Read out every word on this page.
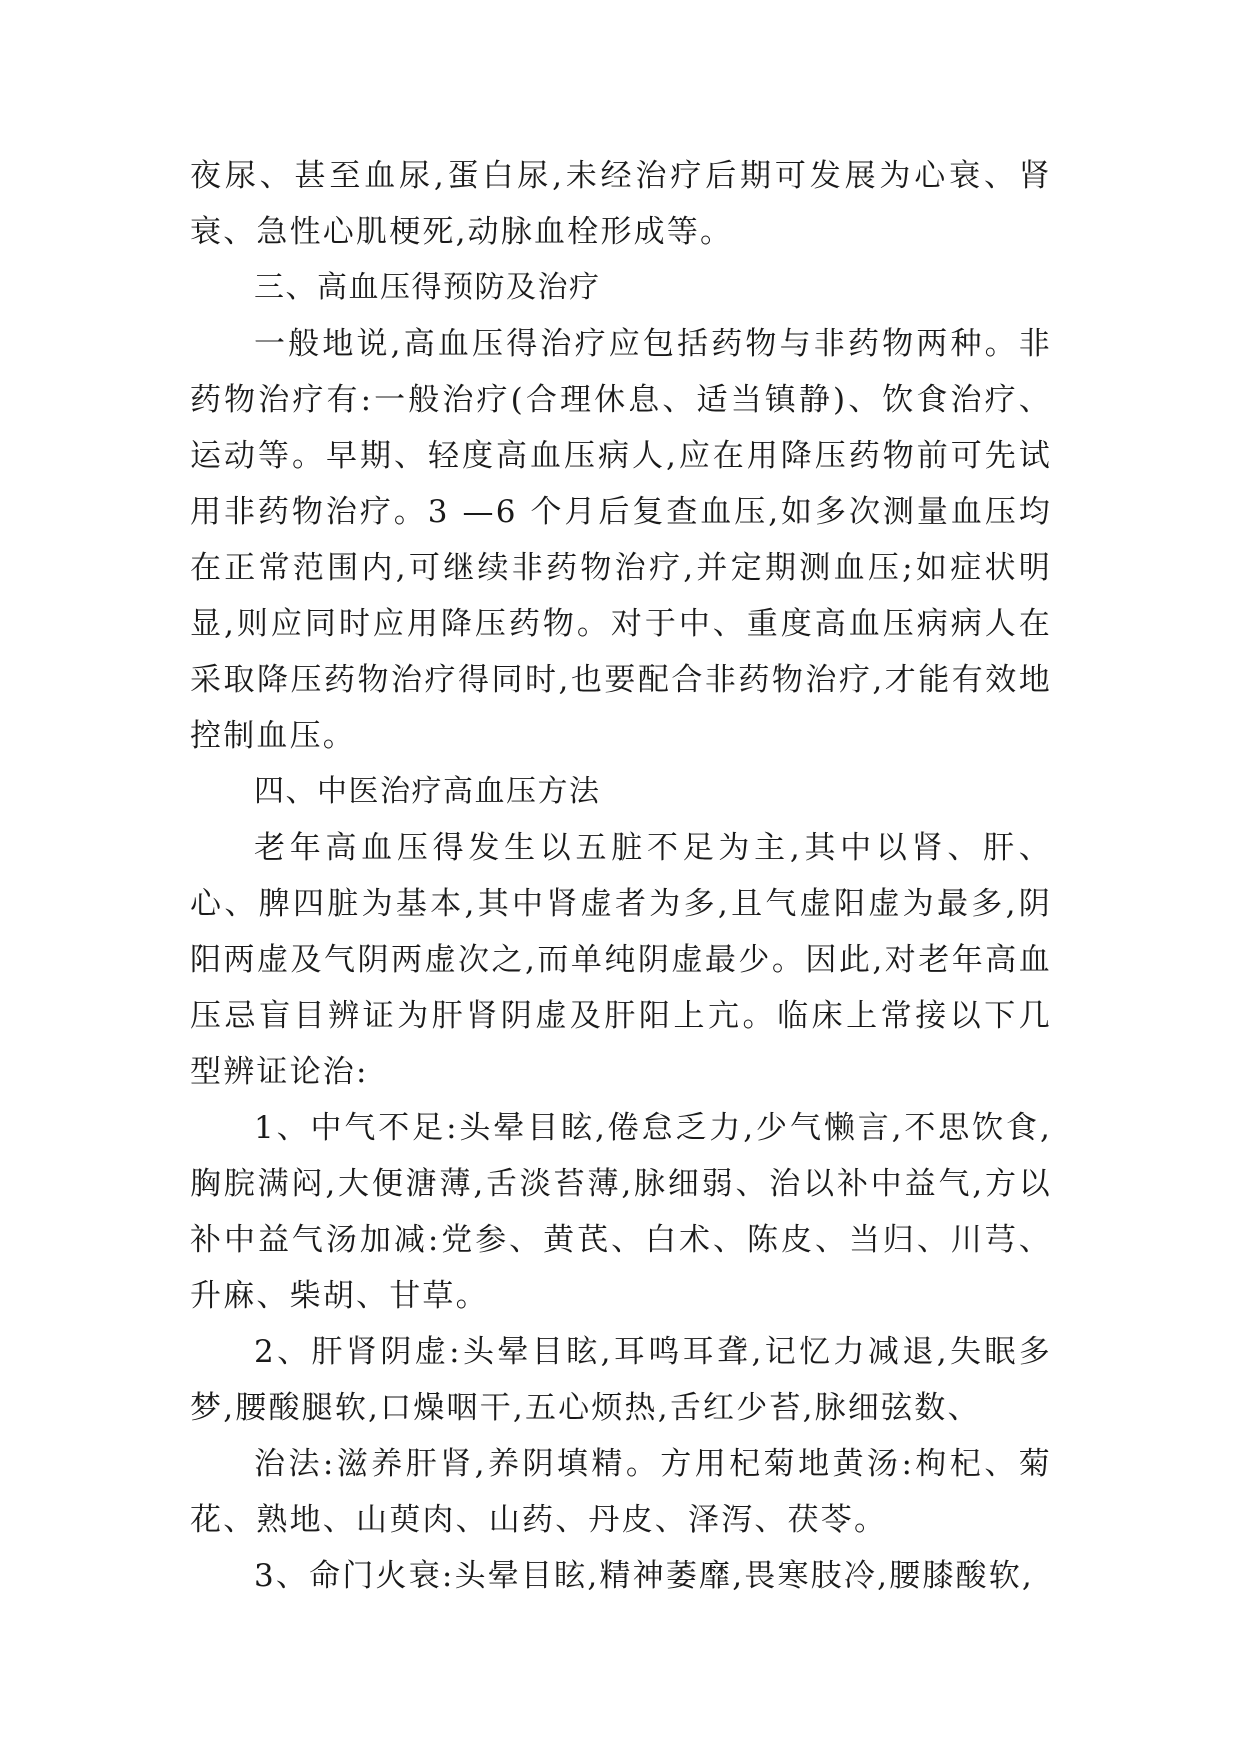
夜尿、甚至血尿,蛋白尿,未经治疗后期可发展为心衰、肾衰、急性心肌梗死,动脉血栓形成等。

三、高血压得预防及治疗

一般地说,高血压得治疗应包括药物与非药物两种。非药物治疗有:一般治疗(合理休息、适当镇静)、饮食治疗、运动等。早期、轻度高血压病人,应在用降压药物前可先试用非药物治疗。3 —6 个月后复查血压,如多次测量血压均在正常范围内,可继续非药物治疗,并定期测血压;如症状明显,则应同时应用降压药物。对于中、重度高血压病病人在采取降压药物治疗得同时,也要配合非药物治疗,才能有效地控制血压。

四、中医治疗高血压方法

老年高血压得发生以五脏不足为主,其中以肾、肝、心、脾四脏为基本,其中肾虚者为多,且气虚阳虚为最多,阴阳两虚及气阴两虚次之,而单纯阴虚最少。因此,对老年高血压忌盲目辨证为肝肾阴虚及肝阳上亢。临床上常接以下几型辨证论治:

1、中气不足:头晕目眩,倦怠乏力,少气懒言,不思饮食,胸脘满闷,大便溏薄,舌淡苔薄,脉细弱、治以补中益气,方以补中益气汤加减:党参、黄芪、白术、陈皮、当归、川芎、升麻、柴胡、甘草。

2、肝肾阴虚:头晕目眩,耳鸣耳聋,记忆力减退,失眠多梦,腰酸腿软,口燥咽干,五心烦热,舌红少苔,脉细弦数、

治法:滋养肝肾,养阴填精。方用杞菊地黄汤:枸杞、菊花、熟地、山萸肉、山药、丹皮、泽泻、茯苓。

3、命门火衰:头晕目眩,精神萎靡,畏寒肢冷,腰膝酸软,
